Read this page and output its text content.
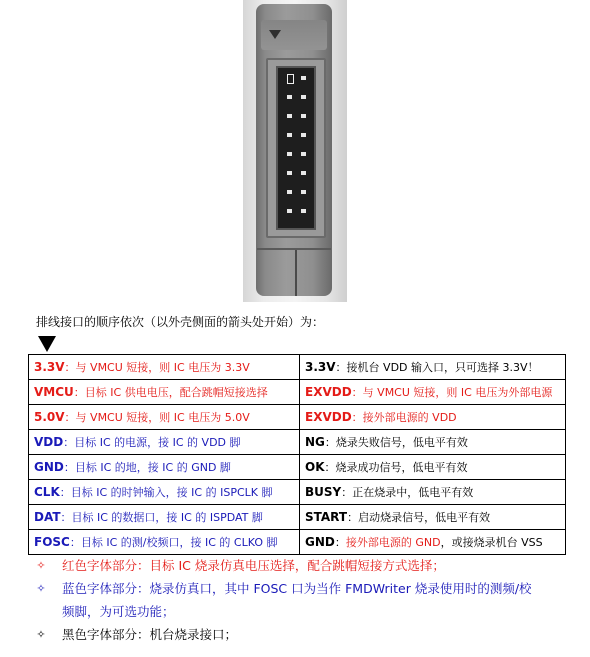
排线接口的顺序依次（以外壳侧面的箭头处开始）为：
3.3V：与 VMCU 短接，则 IC 电压为 3.3V	3.3V：接机台 VDD 输入口，只可选择 3.3V！
VMCU：目标 IC 供电电压，配合跳帽短接选择	EXVDD：与 VMCU 短接，则 IC 电压为外部电源
5.0V：与 VMCU 短接，则 IC 电压为 5.0V	EXVDD：接外部电源的 VDD
VDD：目标 IC 的电源，接 IC 的 VDD 脚	NG：烧录失败信号，低电平有效
GND：目标 IC 的地，接 IC 的 GND 脚	OK：烧录成功信号，低电平有效
CLK：目标 IC 的时钟输入，接 IC 的 ISPCLK 脚	BUSY：正在烧录中，低电平有效
DAT：目标 IC 的数据口，接 IC 的 ISPDAT 脚	START：启动烧录信号，低电平有效
FOSC：目标 IC 的测/校频口，接 IC 的 CLKO 脚	GND：接外部电源的 GND，或接烧录机台 VSS
✧ 红色字体部分：目标 IC 烧录仿真电压选择，配合跳帽短接方式选择；
✧ 蓝色字体部分：烧录仿真口，其中 FOSC 口为当作 FMDWriter 烧录使用时的测频/校
频脚，为可选功能；
✧ 黑色字体部分：机台烧录接口；
